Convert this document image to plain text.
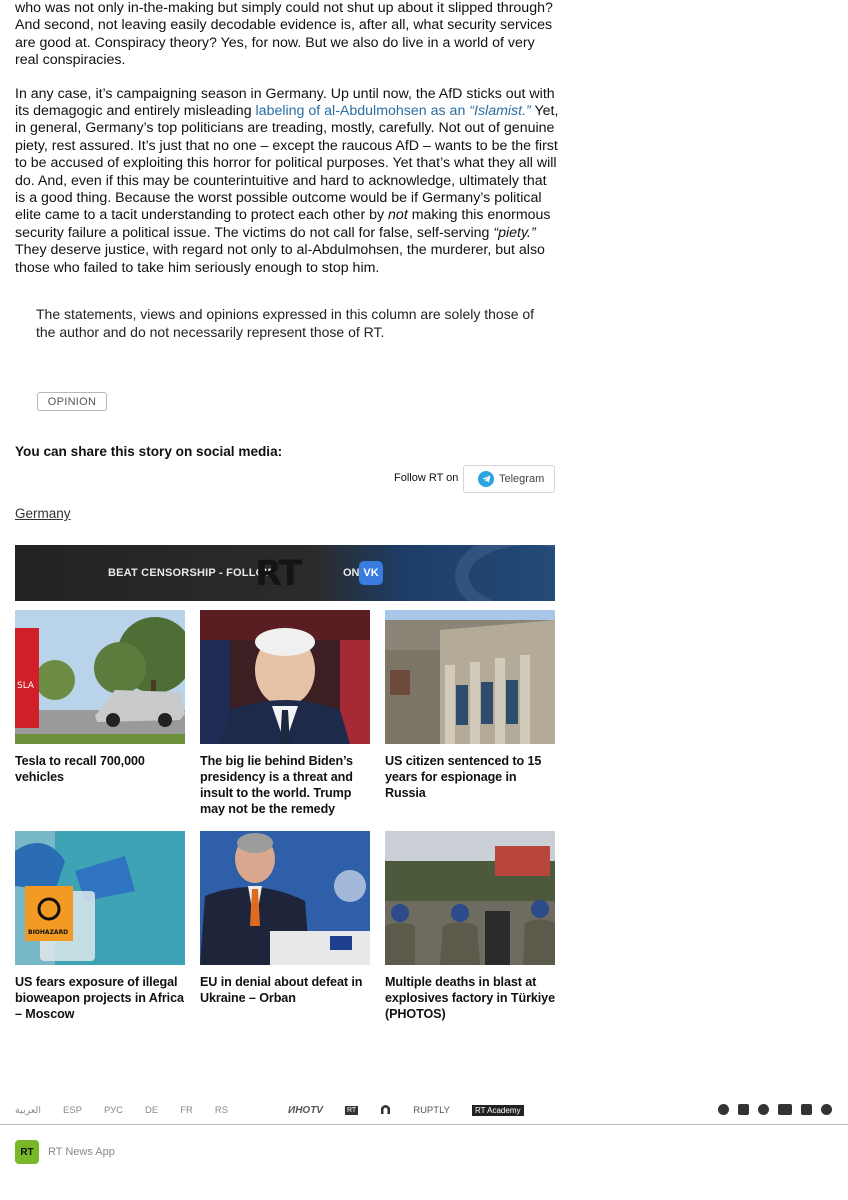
who was not only in-the-making but simply could not shut up about it slipped through? And second, not leaving easily decodable evidence is, after all, what security services are good at. Conspiracy theory? Yes, for now. But we also do live in a world of very real conspiracies.

In any case, it’s campaigning season in Germany. Up until now, the AfD sticks out with its demagogic and entirely misleading labeling of al-Abdulmohsen as an “Islamist.” Yet, in general, Germany’s top politicians are treading, mostly, carefully. Not out of genuine piety, rest assured. It’s just that no one – except the raucous AfD – wants to be the first to be accused of exploiting this horror for political purposes. Yet that’s what they all will do. And, even if this may be counterintuitive and hard to acknowledge, ultimately that is a good thing. Because the worst possible outcome would be if Germany’s political elite came to a tacit understanding to protect each other by not making this enormous security failure a political issue. The victims do not call for false, self-serving “piety.” They deserve justice, with regard not only to al-Abdulmohsen, the murderer, but also those who failed to take him seriously enough to stop him.

The statements, views and opinions expressed in this column are solely those of the author and do not necessarily represent those of RT.
OPINION
You can share this story on social media:
Follow RT on	Telegram
Germany
BEAT CENSORSHIP - FOLLOW
RT	ON VK
SLA
Tesla to recall 700,000 vehicles
The big lie behind Biden’s presidency is a threat and insult to the world. Trump may not be the remedy
US citizen sentenced to 15 years for espionage in Russia
BIOHAZARD
US fears exposure of illegal bioweapon projects in Africa – Moscow
EU in denial about defeat in Ukraine – Orban
Multiple deaths in blast at explosives factory in Türkiye (PHOTOS)
العربية ESP РУС DE FR RS	ИНОTV	RT	RUPTLY	RT Academy
RT	RT News App
